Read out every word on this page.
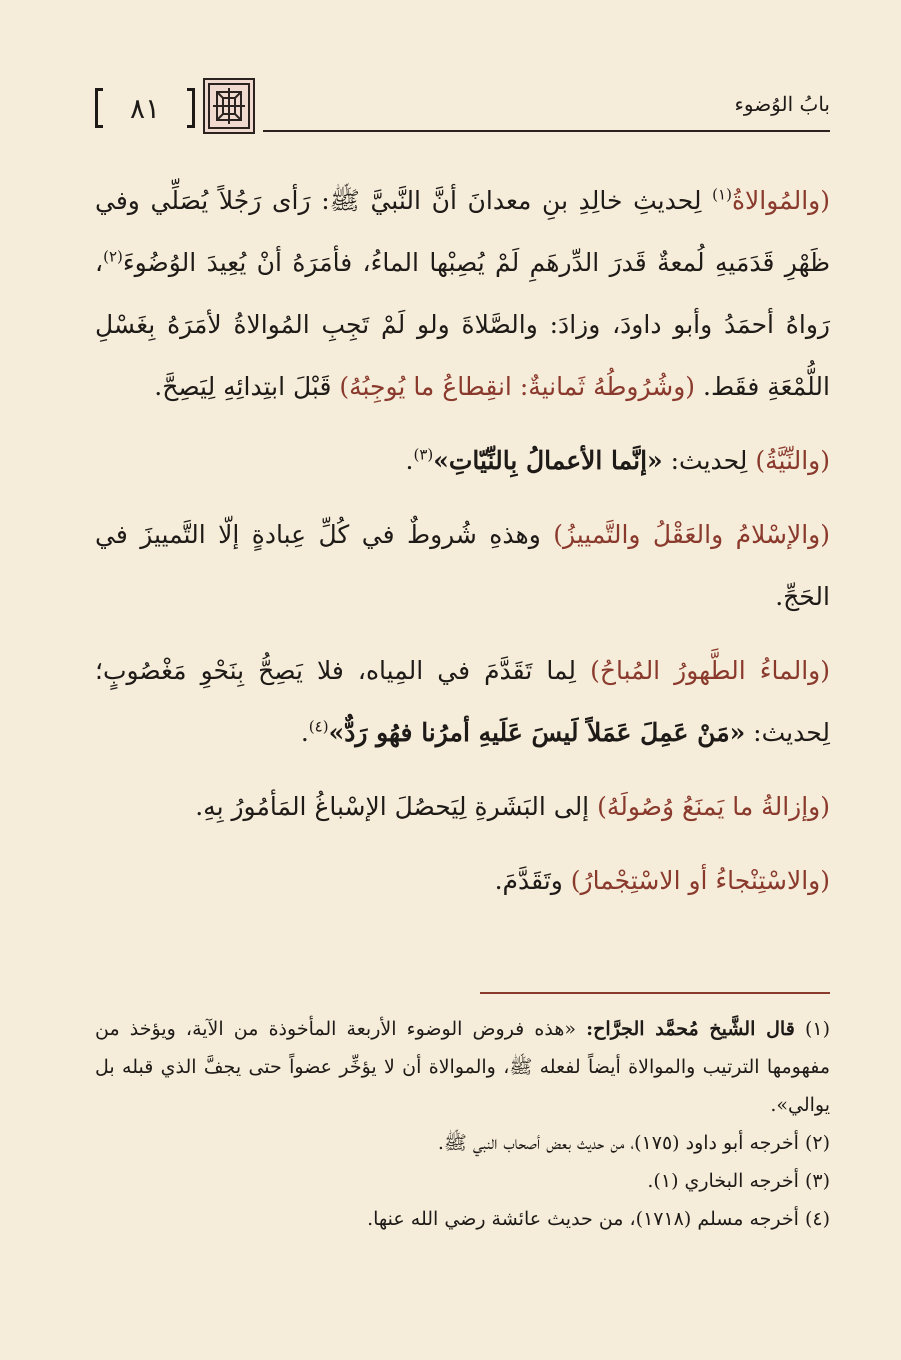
٨١	بابُ الوُضوء

(والمُوالاةُ$^{(١)}$ لِحديثِ خالِدِ بنِ معدانَ أنَّ النَّبيَّ ﷺ: رَأى رَجُلاً يُصَلِّي وفي ظَهْرِ قَدَمَيهِ لُمعةٌ قَدرَ الدِّرهَمِ لَمْ يُصِبْها الماءُ، فأمَرَهُ أنْ يُعِيدَ الوُضُوءَ$^{(٢)}$، رَواهُ أحمَدُ وأبو داودَ، وزادَ: والصَّلاةَ ولو لَمْ تَجِبِ المُوالاةُ لأمَرَهُ بِغَسْلِ اللُّمْعَةِ فقَط. (وشُرُوطُهُ ثَمانيةٌ: انقِطاعُ ما يُوجِبُهُ) قَبْلَ ابتِدائِهِ لِيَصِحَّ.

(والنِّيَّةُ) لِحديث: «إنَّما الأعمالُ بِالنِّيّاتِ»$^{(٣)}$.

(والإسْلامُ والعَقْلُ والتَّمييزُ) وهذهِ شُروطٌ في كُلِّ عِبادةٍ إلّا التَّمييزَ في الحَجِّ.

(والماءُ الطَّهورُ المُباحُ) لِما تَقَدَّمَ في المِياه، فلا يَصِحُّ بِنَحْوِ مَغْصُوبٍ؛ لِحديث: «مَنْ عَمِلَ عَمَلاً لَيسَ عَلَيهِ أمرُنا فهُو رَدٌّ»$^{(٤)}$.

(وإزالةُ ما يَمنَعُ وُصُولَهُ) إلى البَشَرةِ لِيَحصُلَ الإسْباغُ المَأمُورُ بِهِ.

(والاسْتِنْجاءُ أو الاسْتِجْمارُ) وتَقَدَّمَ.

(١) قال الشَّيخ مُحمَّد الجرَّاح: «هذه فروض الوضوء الأربعة المأخوذة من الآية، ويؤخذ من مفهومها الترتيب والموالاة أيضاً لفعله ﷺ، والموالاة أن لا يؤخِّر عضواً حتى يجفَّ الذي قبله بل يوالي».

(٢) أخرجه أبو داود (١٧٥)، من حديث بعض أصحاب النبي ﷺ.

(٣) أخرجه البخاري (١).

(٤) أخرجه مسلم (١٧١٨)، من حديث عائشة رضي الله عنها.
